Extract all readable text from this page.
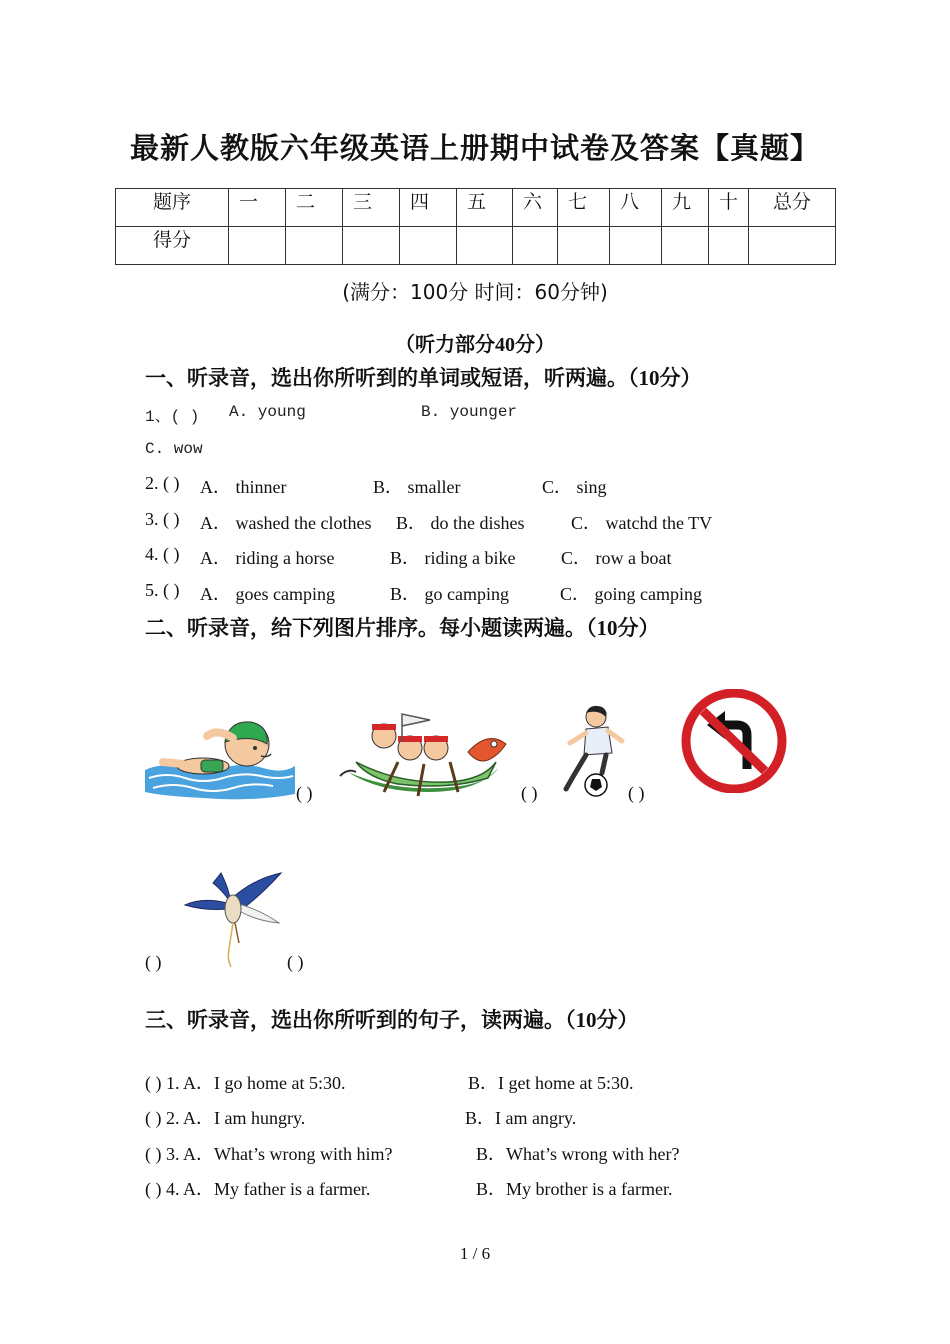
最新人教版六年级英语上册期中试卷及答案【真题】
题序	一	二	三	四	五	六	七	八	九	十	总分
得分											
(满分：100分 时间：60分钟)
（听力部分40分）
一、听录音，选出你所听到的单词或短语，听两遍。（10分）
1、( ) A. young	B. younger
C. wow
2. ( ) A． thinner	B． smaller	C． sing
3. ( ) A． washed the clothes B． do the dishes	C． watchd the TV
4. ( ) A． riding a horse	B． riding a bike	C． row a boat
5. ( ) A． goes camping	B． go camping	C． going camping
二、听录音，给下列图片排序。每小题读两遍。（10分）
( )	( )	( )
( )	( )
三、听录音，选出你所听到的句子，读两遍。（10分）
( ) 1. A．I go home at 5:30.	B．I get home at 5:30.
( ) 2. A．I am hungry.	B．I am angry.
( ) 3. A．What’s wrong with him?	B．What’s wrong with her?
( ) 4. A．My father is a farmer.	B．My brother is a farmer.
1 / 6
